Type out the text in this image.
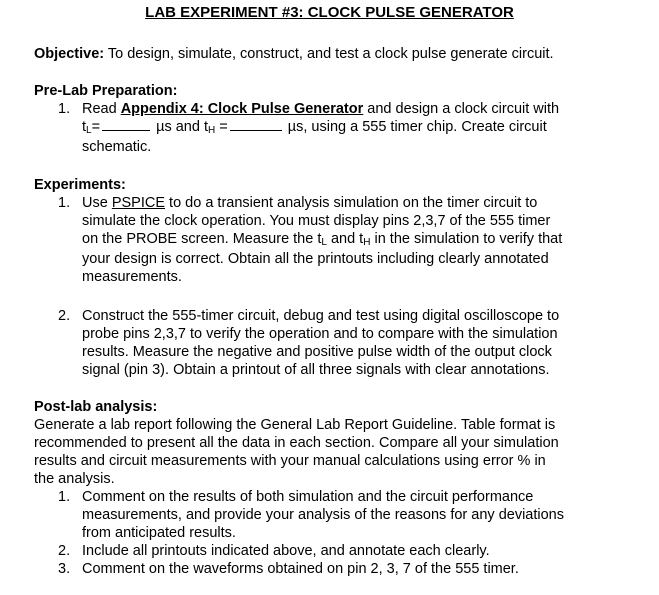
LAB EXPERIMENT #3: CLOCK PULSE GENERATOR

Objective: To design, simulate, construct, and test a clock pulse generate circuit.

Pre-Lab Preparation:

1. Read Appendix 4: Clock Pulse Generator and design a clock circuit with
$t_L=$	µs and $t_H$ =	µs, using a 555 timer chip. Create circuit
schematic.

Experiments:

1. Use PSPICE to do a transient analysis simulation on the timer circuit to
simulate the clock operation. You must display pins 2,3,7 of the 555 timer
on the PROBE screen. Measure the $t_L$ and $t_H$ in the simulation to verify that
your design is correct. Obtain all the printouts including clearly annotated
measurements.
2. Construct the 555-timer circuit, debug and test using digital oscilloscope to
probe pins 2,3,7 to verify the operation and to compare with the simulation
results. Measure the negative and positive pulse width of the output clock
signal (pin 3). Obtain a printout of all three signals with clear annotations.

Post-lab analysis:

Generate a lab report following the General Lab Report Guideline. Table format is
recommended to present all the data in each section. Compare all your simulation
results and circuit measurements with your manual calculations using error % in
the analysis.
1. Comment on the results of both simulation and the circuit performance
measurements, and provide your analysis of the reasons for any deviations
from anticipated results.
2. Include all printouts indicated above, and annotate each clearly.
3. Comment on the waveforms obtained on pin 2, 3, 7 of the 555 timer.
